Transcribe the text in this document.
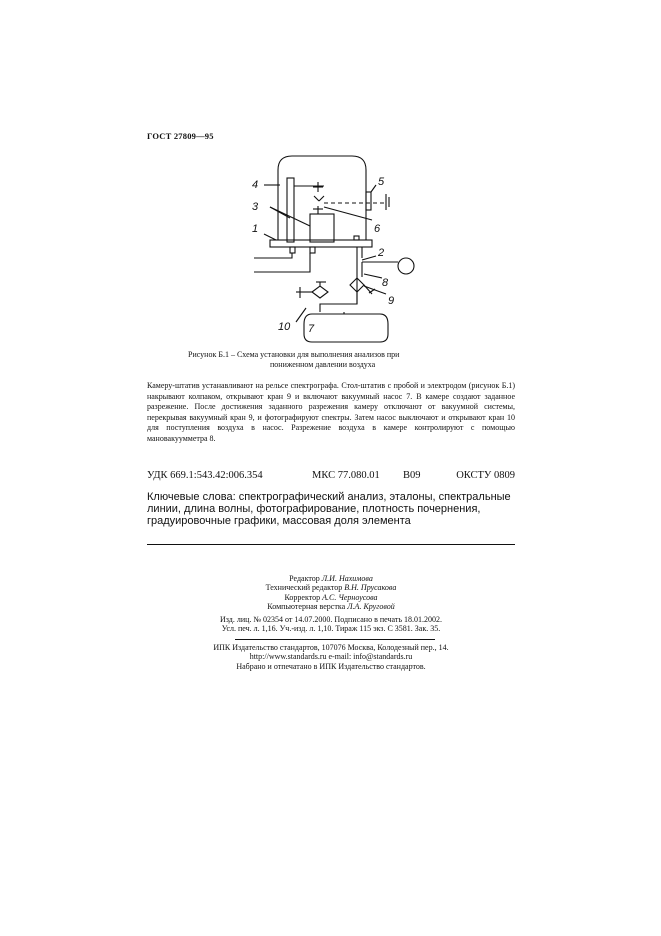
ГОСТ 27809—95
4
3
1
5
6
2
8
9
10 7
Рисунок Б.1 – Схема установки для выполнения анализов при
пониженном давлении воздуха
Камеру-штатив устанавливают на рельсе спектрографа. Стол-штатив с пробой и электродом (рисунок Б.1) накрывают колпаком, открывают кран 9 и включают вакуумный насос 7. В камере создают заданное разрежение. После достижения заданного разрежения камеру отключают от вакуумной системы, перекрывая вакуумный кран 9, и фотографируют спектры. Затем насос выключают и открывают кран 10 для поступления воздуха в насос. Разрежение воздуха в камере контролируют с помощью мановакуумметра 8.
УДК 669.1:543.42:006.354	МКС 77.080.01 В09	ОКСТУ 0809
Ключевые слова: спектрографический анализ, эталоны, спектральные линии, длина волны, фотографирование, плотность почернения, градуировочные графики, массовая доля элемента
Редактор Л.И. Нахимова
Технический редактор В.Н. Прусакова
Корректор А.С. Черноусова
Компьютерная верстка Л.А. Круговой
Изд. лиц. № 02354 от 14.07.2000. Подписано в печать 18.01.2002.
Усл. печ. л. 1,16. Уч.-изд. л. 1,10. Тираж 115 экз. С 3581. Зак. 35.
ИПК Издательство стандартов, 107076 Москва, Колодезный пер., 14.
http://www.standards.ru e-mail: info@standards.ru
Набрано и отпечатано в ИПК Издательство стандартов.
